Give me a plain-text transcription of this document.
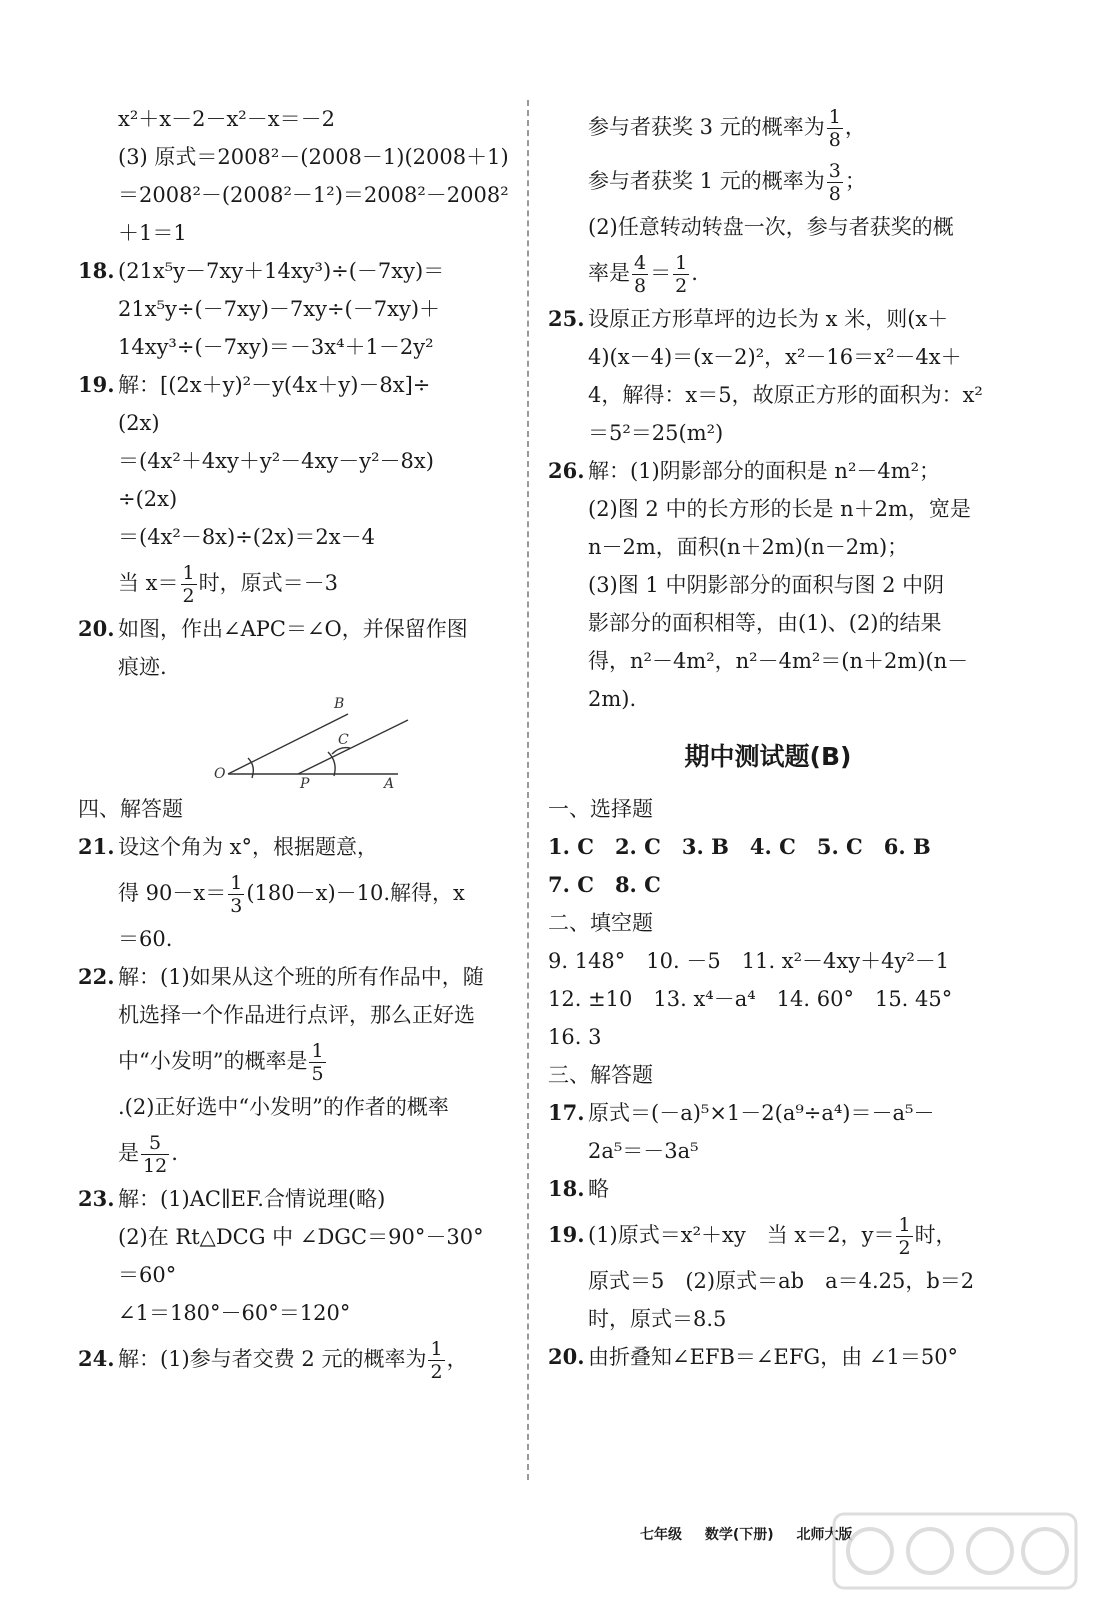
x²＋x－2－x²－x＝－2
(3) 原式＝2008²－(2008－1)(2008＋1)
＝2008²－(2008²－1²)＝2008²－2008²
＋1＝1
18. (21x⁵y－7xy＋14xy³)÷(－7xy)＝
21x⁵y÷(－7xy)－7xy÷(－7xy)＋
14xy³÷(－7xy)＝－3x⁴＋1－2y²
19. 解：[(2x＋y)²－y(4x＋y)－8x]÷
(2x)
＝(4x²＋4xy＋y²－4xy－y²－8x)
÷(2x)
＝(4x²－8x)÷(2x)＝2x－4
当 $x= \frac{1}{2}$ 时，原式＝－3
20. 如图，作出∠APC＝∠O，并保留作图
痕迹.
B
C
O
P	A
四、解答题
21. 设这个角为 x°，根据题意，
得 $90-x= \frac{1}{3} (180-x)-10$.解得，x
＝60.
22. 解：(1)如果从这个班的所有作品中，随
机选择一个作品进行点评，那么正好选
中“小发明”的概率是 $\frac{1}{5}$
.(2)正好选中“小发明”的作者的概率
是 $\frac{5}{12}$ .
23. 解：(1)AC∥EF.合情说理(略)
(2)在 Rt△DCG 中 ∠DGC＝90°－30°
＝60°
∠1＝180°－60°＝120°
24. 解：(1)参与者交费 2 元的概率为 $\frac{1}{2}$ ，
参与者获奖 3 元的概率为 $\frac{1}{8}$ ，
参与者获奖 1 元的概率为 $\frac{3}{8}$ ；
(2)任意转动转盘一次，参与者获奖的概
率是 $\frac{4}{8} = \frac{1}{2}$ .
25. 设原正方形草坪的边长为 x 米，则(x＋
4)(x－4)＝(x－2)²，x²－16＝x²－4x＋
4，解得：x＝5，故原正方形的面积为：x²
＝5²＝25(m²)
26. 解：(1)阴影部分的面积是 n²－4m²；
(2)图 2 中的长方形的长是 n＋2m，宽是
n－2m，面积(n＋2m)(n－2m)；
(3)图 1 中阴影部分的面积与图 2 中阴
影部分的面积相等，由(1)、(2)的结果
得，n²－4m²，n²－4m²＝(n＋2m)(n－
2m).
期中测试题(B)
一、选择题
1. C　2. C　3. B　4. C　5. C　6. B
7. C　8. C
二、填空题
9. 148°　10. －5　11. x²－4xy＋4y²－1
12. ±10　13. x⁴－a⁴　14. 60°　15. 45°
16. 3
三、解答题
17. 原式＝(－a)⁵×1－2(a⁹÷a⁴)＝－a⁵－
2a⁵＝－3a⁵
18. 略
19. (1)原式＝x²＋xy　当 x＝2，$y= \frac{1}{2}$ 时，
原式＝5　(2)原式＝ab　a＝4.25，b＝2
时，原式＝8.5
20. 由折叠知∠EFB＝∠EFG，由 ∠1＝50°
七年级 数学(下册) 北师大版
